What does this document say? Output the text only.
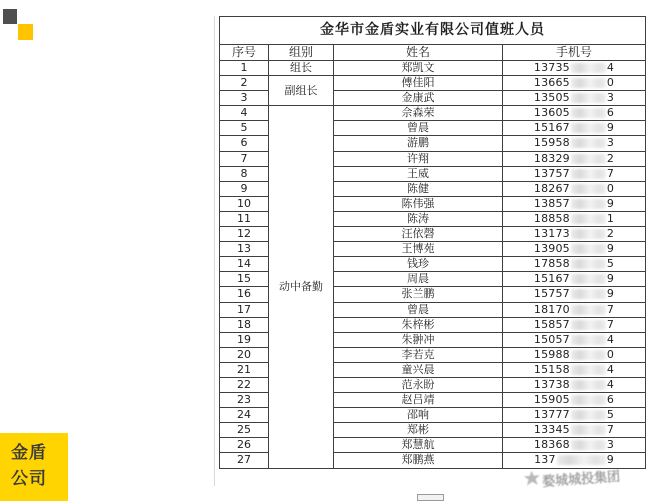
金华市金盾实业有限公司值班人员			
序号	组别	姓名	手机号
1	组长	郑凯文	13735 4
2	副组长	傅佳阳	13665 0
3		金康武	13505 3
4	动中备勤	佘森荣	13605 6
5		曾晨	15167 9
6		游鹏	15958 3
7		许翔	18329 2
8		王威	13757 7
9		陈健	18267 0
10		陈伟强	13857 9
11		陈涛	18858 1
12		汪依磬	13173 2
13		王博苑	13905 9
14		钱珍	17858 5
15		周晨	15167 9
16		张兰鹏	15757 9
17		曾晨	18170 7
18		朱梓彬	15857 7
19		朱翀冲	15057 4
20		李若克	15988 0
21		童兴晨	15158 4
22		范永盼	13738 4
23		赵吕靖	15905 6
24		邵响	13777 5
25		郑彬	13345 7
26		郑慧航	18368 3
27		郑鹏燕	137 9
婺城城投集团
金盾
公司
